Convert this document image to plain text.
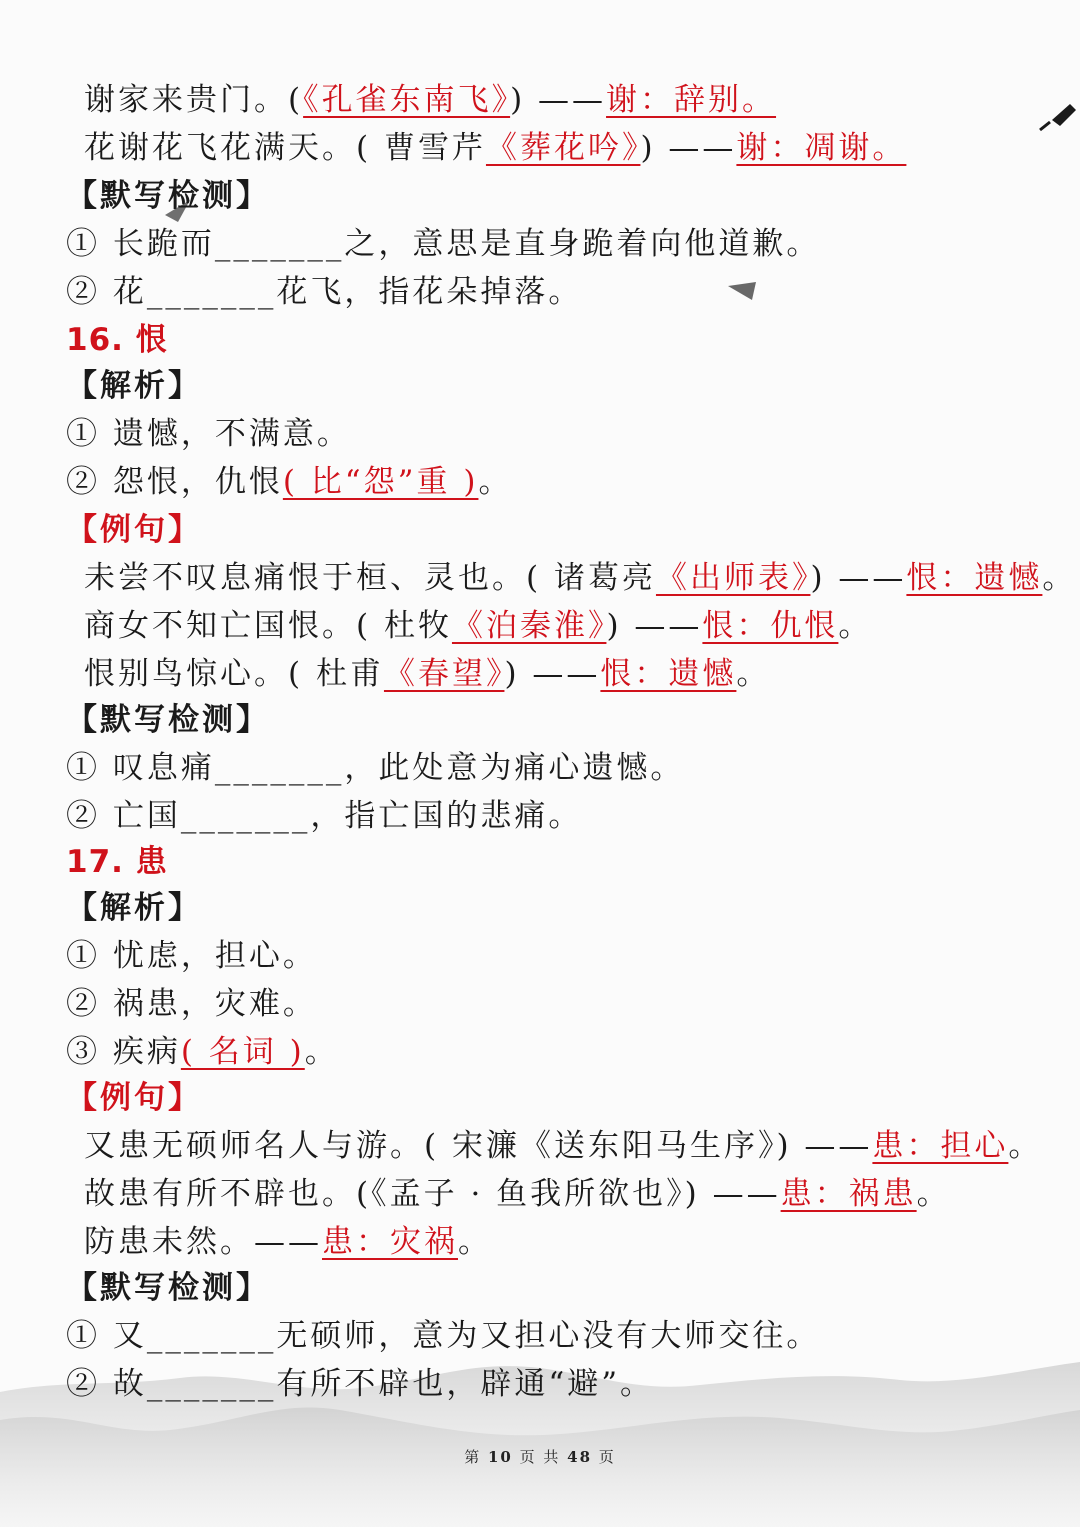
谢家来贵门。(《孔雀东南飞》) ——谢：辞别。
花谢花飞花满天。( 曹雪芹《葬花吟》) ——谢：凋谢。
【默写检测】
① 长跪而_______之，意思是直身跪着向他道歉。
② 花_______花飞，指花朵掉落。
16. 恨
【解析】
① 遗憾，不满意。
② 怨恨，仇恨( 比“怨”重 )。
【例句】
未尝不叹息痛恨于桓、灵也。( 诸葛亮《出师表》) ——恨：遗憾。
商女不知亡国恨。( 杜牧《泊秦淮》) ——恨：仇恨。
恨别鸟惊心。( 杜甫《春望》) ——恨：遗憾。
【默写检测】
① 叹息痛_______，此处意为痛心遗憾。
② 亡国_______，指亡国的悲痛。
17. 患
【解析】
① 忧虑，担心。
② 祸患，灾难。
③ 疾病( 名词 )。
【例句】
又患无硕师名人与游。( 宋濂《送东阳马生序》) ——患：担心。
故患有所不辟也。(《孟子 · 鱼我所欲也》) ——患：祸患。
防患未然。——患：灾祸。
【默写检测】
① 又_______无硕师，意为又担心没有大师交往。
② 故_______有所不辟也，辟通“避”。
第 10 页 共 48 页
